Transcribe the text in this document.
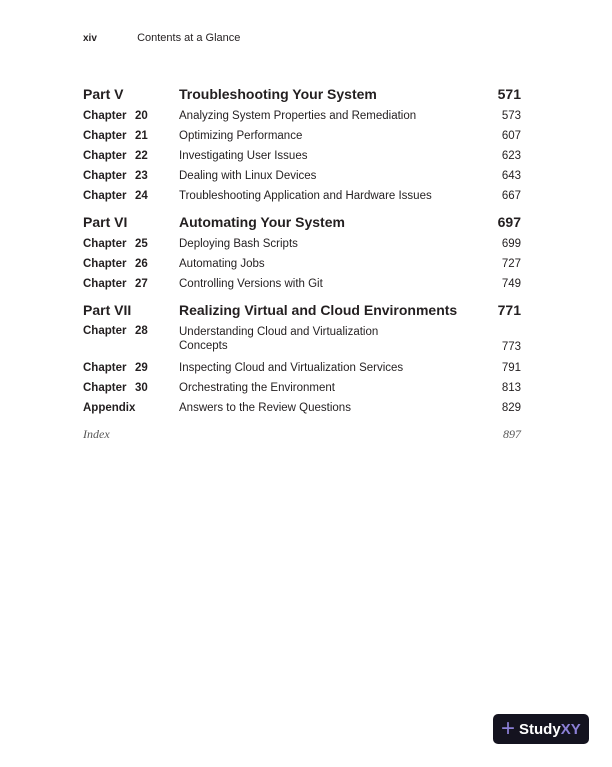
xiv	Contents at a Glance
Part V	Troubleshooting Your System	571
Chapter 20	Analyzing System Properties and Remediation	573
Chapter 21	Optimizing Performance	607
Chapter 22	Investigating User Issues	623
Chapter 23	Dealing with Linux Devices	643
Chapter 24	Troubleshooting Application and Hardware Issues	667
Part VI	Automating Your System	697
Chapter 25	Deploying Bash Scripts	699
Chapter 26	Automating Jobs	727
Chapter 27	Controlling Versions with Git	749
Part VII	Realizing Virtual and Cloud Environments	771
Chapter 28	Understanding Cloud and Virtualization
Concepts	773
Chapter 29	Inspecting Cloud and Virtualization Services	791
Chapter 30	Orchestrating the Environment	813
Appendix	Answers to the Review Questions	829
Index	897
+ StudyXY
